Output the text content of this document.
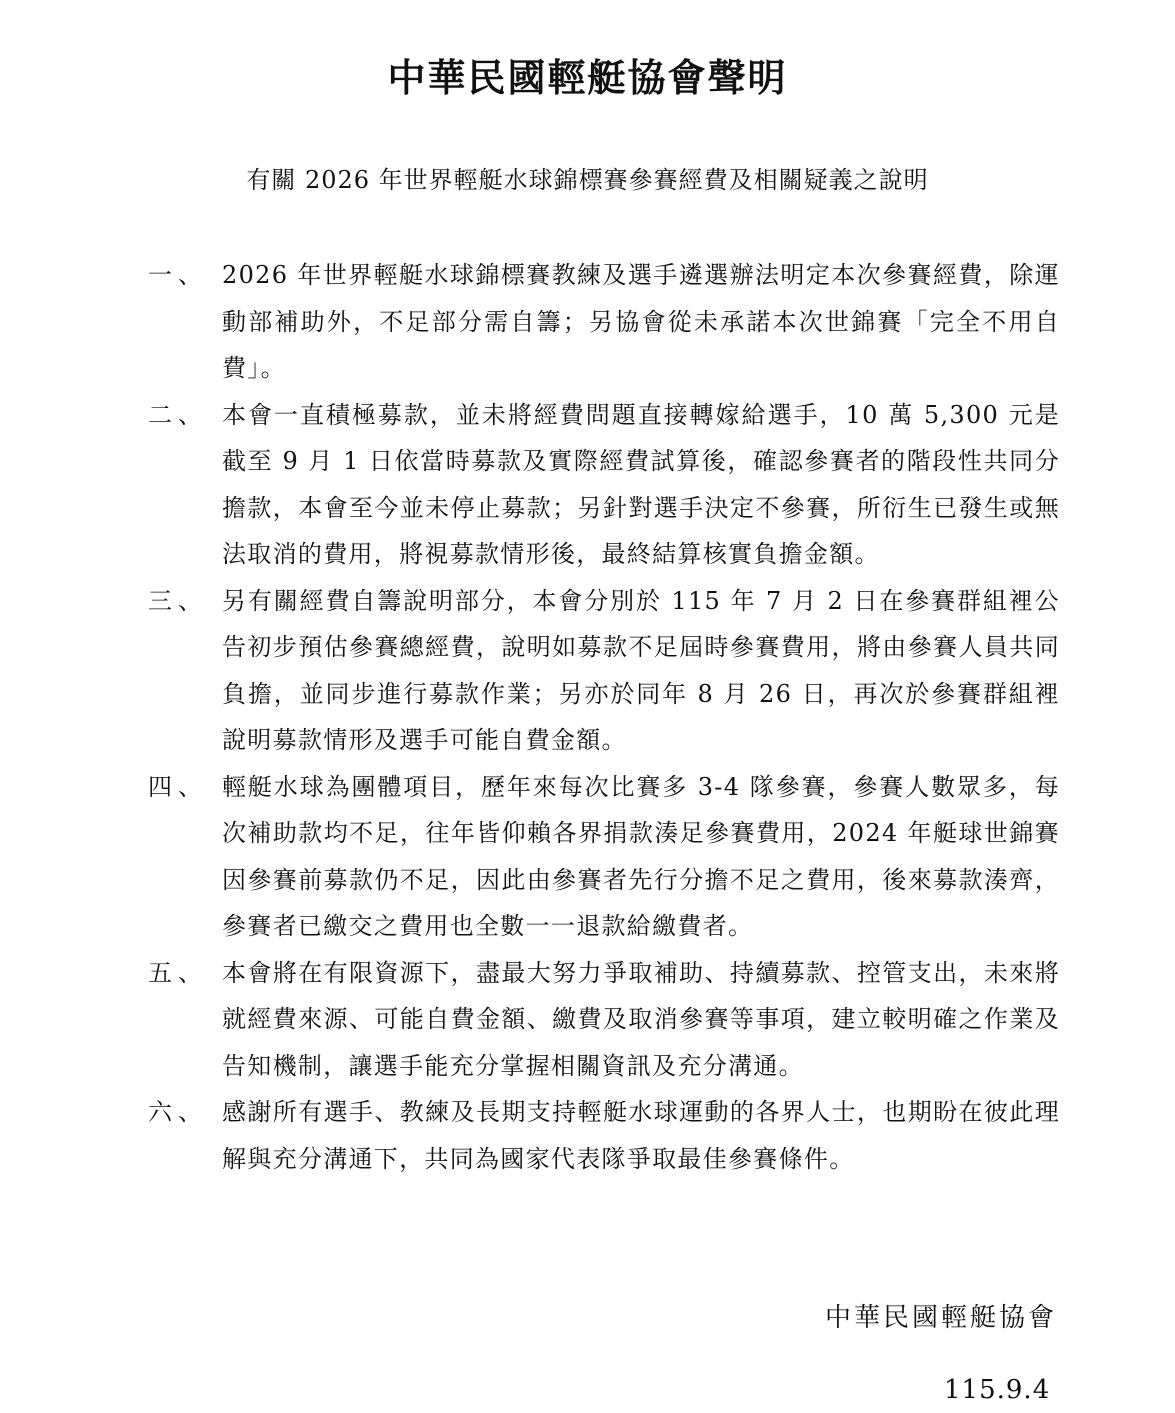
中華民國輕艇協會聲明
有關 2026 年世界輕艇水球錦標賽參賽經費及相關疑義之說明
一、 2026 年世界輕艇水球錦標賽教練及選手遴選辦法明定本次參賽經費，除運動部補助外，不足部分需自籌；另協會從未承諾本次世錦賽「完全不用自費」。
二、 本會一直積極募款，並未將經費問題直接轉嫁給選手，10 萬 5,300 元是截至 9 月 1 日依當時募款及實際經費試算後，確認參賽者的階段性共同分擔款，本會至今並未停止募款；另針對選手決定不參賽，所衍生已發生或無法取消的費用，將視募款情形後，最終結算核實負擔金額。
三、 另有關經費自籌說明部分，本會分別於 115 年 7 月 2 日在參賽群組裡公告初步預估參賽總經費，說明如募款不足屆時參賽費用，將由參賽人員共同負擔，並同步進行募款作業；另亦於同年 8 月 26 日，再次於參賽群組裡說明募款情形及選手可能自費金額。
四、 輕艇水球為團體項目，歷年來每次比賽多 3-4 隊參賽，參賽人數眾多，每次補助款均不足，往年皆仰賴各界捐款湊足參賽費用，2024 年艇球世錦賽因參賽前募款仍不足，因此由參賽者先行分擔不足之費用，後來募款湊齊，參賽者已繳交之費用也全數一一退款給繳費者。
五、 本會將在有限資源下，盡最大努力爭取補助、持續募款、控管支出，未來將就經費來源、可能自費金額、繳費及取消參賽等事項，建立較明確之作業及告知機制，讓選手能充分掌握相關資訊及充分溝通。
六、 感謝所有選手、教練及長期支持輕艇水球運動的各界人士，也期盼在彼此理解與充分溝通下，共同為國家代表隊爭取最佳參賽條件。
中華民國輕艇協會
115.9.4
